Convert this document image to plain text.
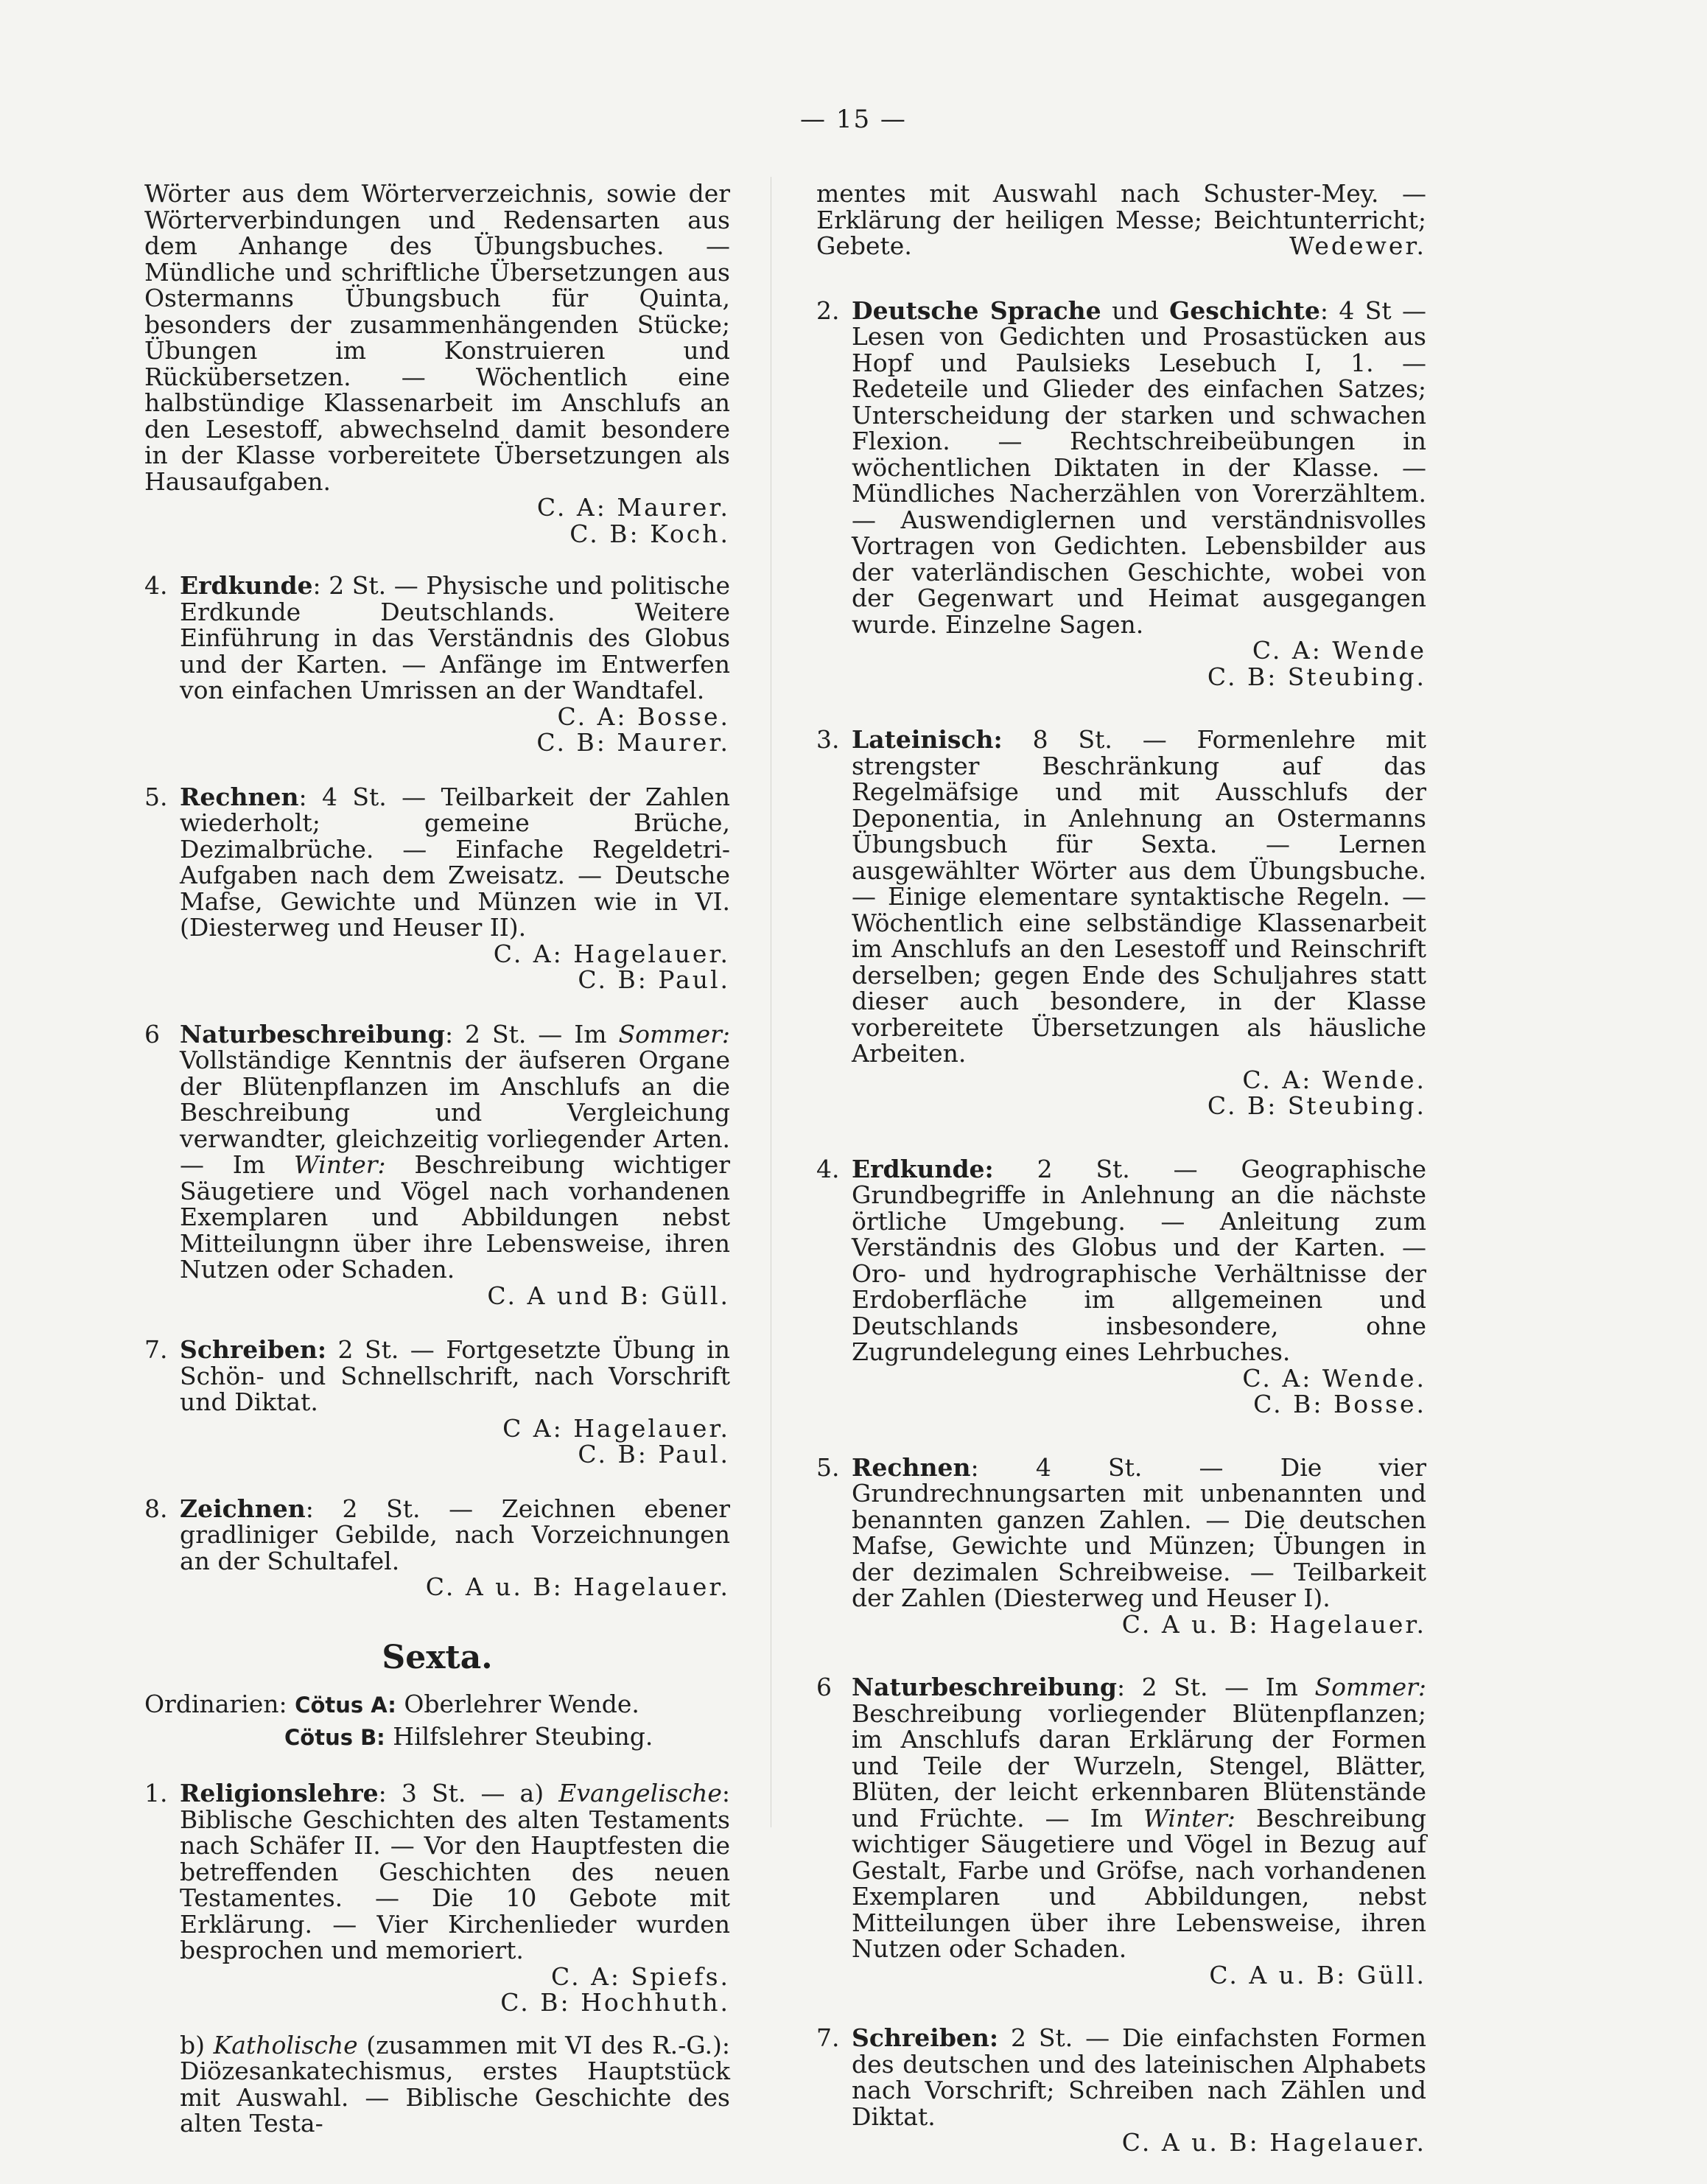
— 15 —
Wörter aus dem Wörterverzeichnis, sowie der Wörterverbindungen und Redensarten aus dem Anhange des Übungsbuches. — Mündliche und schriftliche Übersetzungen aus Ostermanns Übungsbuch für Quinta, besonders der zusammenhängenden Stücke; Übungen im Konstruieren und Rückübersetzen. — Wöchentlich eine halbstündige Klassenarbeit im Anschlufs an den Lesestoff, abwechselnd damit besondere in der Klasse vorbereitete Übersetzungen als Hausaufgaben.
C. A: Maurer.
C. B: Koch.
4. Erdkunde: 2 St. — Physische und politische Erdkunde Deutschlands. Weitere Einführung in das Verständnis des Globus und der Karten. — Anfänge im Entwerfen von einfachen Umrissen an der Wandtafel.
C. A: Bosse.
C. B: Maurer.
5. Rechnen: 4 St. — Teilbarkeit der Zahlen wiederholt; gemeine Brüche, Dezimalbrüche. — Einfache Regeldetri-Aufgaben nach dem Zweisatz. — Deutsche Mafse, Gewichte und Münzen wie in VI. (Diesterweg und Heuser II).
C. A: Hagelauer.
C. B: Paul.
6 Naturbeschreibung: 2 St. — Im Sommer: Vollständige Kenntnis der äufseren Organe der Blütenpflanzen im Anschlufs an die Beschreibung und Vergleichung verwandter, gleichzeitig vorliegender Arten. — Im Winter: Beschreibung wichtiger Säugetiere und Vögel nach vorhandenen Exemplaren und Abbildungen nebst Mitteilungnn über ihre Lebensweise, ihren Nutzen oder Schaden.
C. A und B: Güll.
7. Schreiben: 2 St. — Fortgesetzte Übung in Schön- und Schnellschrift, nach Vorschrift und Diktat.
C A: Hagelauer.
C. B: Paul.
8. Zeichnen: 2 St. — Zeichnen ebener gradliniger Gebilde, nach Vorzeichnungen an der Schultafel.
C. A u. B: Hagelauer.
Sexta.
Ordinarien: Cötus A: Oberlehrer Wende.
Cötus B: Hilfslehrer Steubing.
1. Religionslehre: 3 St. — a) Evangelische: Biblische Geschichten des alten Testaments nach Schäfer II. — Vor den Hauptfesten die betreffenden Geschichten des neuen Testamentes. — Die 10 Gebote mit Erklärung. — Vier Kirchenlieder wurden besprochen und memoriert.
C. A: Spiefs.
C. B: Hochhuth.
b) Katholische (zusammen mit VI des R.-G.): Diözesankatechismus, erstes Hauptstück mit Auswahl. — Biblische Geschichte des alten Testa-
mentes mit Auswahl nach Schuster-Mey. — Erklärung der heiligen Messe; Beichtunterricht; Gebete.	Wedewer.
2. Deutsche Sprache und Geschichte: 4 St — Lesen von Gedichten und Prosastücken aus Hopf und Paulsieks Lesebuch I, 1. — Redeteile und Glieder des einfachen Satzes; Unterscheidung der starken und schwachen Flexion. — Rechtschreibeübungen in wöchentlichen Diktaten in der Klasse. — Mündliches Nacherzählen von Vorerzähltem. — Auswendiglernen und verständnisvolles Vortragen von Gedichten. Lebensbilder aus der vaterländischen Geschichte, wobei von der Gegenwart und Heimat ausgegangen wurde. Einzelne Sagen.
C. A: Wende
C. B: Steubing.
3. Lateinisch: 8 St. — Formenlehre mit strengster Beschränkung auf das Regelmäfsige und mit Ausschlufs der Deponentia, in Anlehnung an Ostermanns Übungsbuch für Sexta. — Lernen ausgewählter Wörter aus dem Übungsbuche. — Einige elementare syntaktische Regeln. — Wöchentlich eine selbständige Klassenarbeit im Anschlufs an den Lesestoff und Reinschrift derselben; gegen Ende des Schuljahres statt dieser auch besondere, in der Klasse vorbereitete Übersetzungen als häusliche Arbeiten.
C. A: Wende.
C. B: Steubing.
4. Erdkunde: 2 St. — Geographische Grundbegriffe in Anlehnung an die nächste örtliche Umgebung. — Anleitung zum Verständnis des Globus und der Karten. — Oro- und hydrographische Verhältnisse der Erdoberfläche im allgemeinen und Deutschlands insbesondere, ohne Zugrundelegung eines Lehrbuches.
C. A: Wende.
C. B: Bosse.
5. Rechnen: 4 St. — Die vier Grundrechnungsarten mit unbenannten und benannten ganzen Zahlen. — Die deutschen Mafse, Gewichte und Münzen; Übungen in der dezimalen Schreibweise. — Teilbarkeit der Zahlen (Diesterweg und Heuser I).
C. A u. B: Hagelauer.
6 Naturbeschreibung: 2 St. — Im Sommer: Beschreibung vorliegender Blütenpflanzen; im Anschlufs daran Erklärung der Formen und Teile der Wurzeln, Stengel, Blätter, Blüten, der leicht erkennbaren Blütenstände und Früchte. — Im Winter: Beschreibung wichtiger Säugetiere und Vögel in Bezug auf Gestalt, Farbe und Gröfse, nach vorhandenen Exemplaren und Abbildungen, nebst Mitteilungen über ihre Lebensweise, ihren Nutzen oder Schaden.
C. A u. B: Güll.
7. Schreiben: 2 St. — Die einfachsten Formen des deutschen und des lateinischen Alphabets nach Vorschrift; Schreiben nach Zählen und Diktat.
C. A u. B: Hagelauer.
